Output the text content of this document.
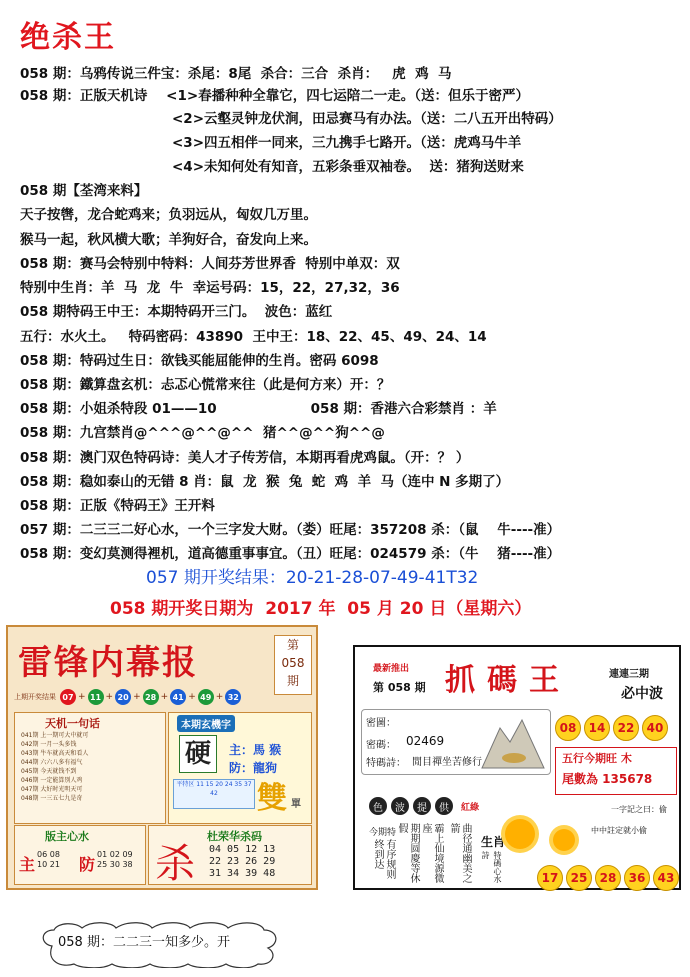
绝杀王
058 期：乌鸦传说三件宝：杀尾：8尾  杀合：三合  杀肖：   虎  鸡  马
058 期：正版天机诗    <1>春播种种全靠它，四七运陪二一走。（送：但乐于密严）
<2>云壑灵钟龙伏涧，田忌赛马有办法。（送：二八五开出特码）
<3>四五相伴一同来，三九携手七路开。（送：虎鸡马牛羊
<4>未知何处有知音，五彩条垂双袖卷。  送：猪狗送财来
058 期【荃湾来料】
天子按辔，龙合蛇鸡来；负羽远从，匈奴几万里。
猴马一起，秋风横大歌；羊狗好合，奋发向上来。
058 期：赛马会特别中特料：人间芬芳世界香  特别中单双：双
特别中生肖：羊  马  龙  牛  幸运号码：15，22，27,32，36
058 期特码王中王：本期特码开三门。  波色：蓝红
五行：水火土。   特码密码：43890  王中王：18、22、45、49、24、14
058 期：特码过生日：欲钱买能屈能伸的生肖。密码 6098
058 期：鐵算盘玄机：忐忑心慌常来往（此是何方来）开：？
058 期：小姐杀特段 01——10                    058 期：香港六合彩禁肖 ：羊
058 期：九宫禁肖@^^^@^^@^^  猪^^@^^狗^^@
058 期：澳门双色特码诗：美人才子传芳信，本期再看虎鸡鼠。（开：？ ）
058 期：稳如泰山的无错 8 肖：鼠  龙  猴  兔  蛇  鸡  羊  马（连中 N 多期了）
058 期：正版《特码王》王开料
057 期：二三三二好心水，一个三字发大财。（娄）旺尾：357208 杀：（鼠    牛----准）
058 期：变幻莫测得裡机，道高德重事事宜。（丑）旺尾：024579 杀：（牛    猪----准）
057 期开奖结果：20-21-28-07-49-41T32
058 期开奖日期为  2017 年  05 月 20 日（星期六）
雷锋内幕报	第
058
期
上期开奖结果 07 + 11 + 20 + 28 + 41 + 49 + 32
天机一句话
041期 上一期可大中就可
042期 一月一头多钱
043期 牛车就高天和看人
044期 六六八多有福气
045期 今天就钱不到
046期 一定能算别人鸡
047期 大好时光明天可
048期 一三五七九是奇
本期玄機字
硬	主：馬 猴
防：龍狗
平特区 11 15 20 24 35 37 42	雙 單
版主心水
主
06 08
10 21 防
01 02 09
25 30 38
杜荣华杀码
杀 04 05 12 13
22 23 26 29
31 34 39 48
最新推出
第 058 期 抓碼王	連連三期
必中波
密圖：
密碼： 02469
特碼詩： 閒目禪坐苦修行
08	14	22	40
五行今期旺 木
尾數為 135678
色	波	提	供	紅綠
今期特
有序规则终到达	期期圆慶等休假	霸上仙境源微座	曲径通幽美之箭
生肖
特碼心水詩
一字記之曰：偷
中中註定就小偷
17	25	28	36	43
058 期：二二三一知多少。开
